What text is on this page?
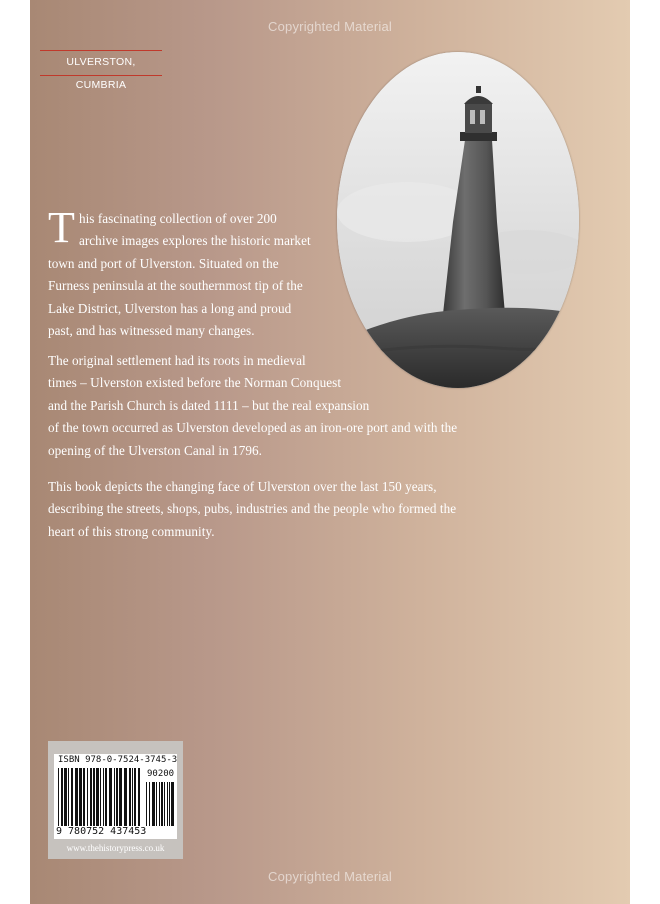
Copyrighted Material
ULVERSTON, CUMBRIA

T his fascinating collection of over 200
archive images explores the historic market
town and port of Ulverston. Situated on the
Furness peninsula at the southernmost tip of the
Lake District, Ulverston has a long and proud
past, and has witnessed many changes.

The original settlement had its roots in medieval
times – Ulverston existed before the Norman Conquest
and the Parish Church is dated 1111 – but the real expansion
of the town occurred as Ulverston developed as an iron-ore port and with the
opening of the Ulverston Canal in 1796.

This book depicts the changing face of Ulverston over the last 150 years,
describing the streets, shops, pubs, industries and the people who formed the
heart of this strong community.

ISBN 978-0-7524-3745-3
90200
9 780752 437453
www.thehistorypress.co.uk
Copyrighted Material
